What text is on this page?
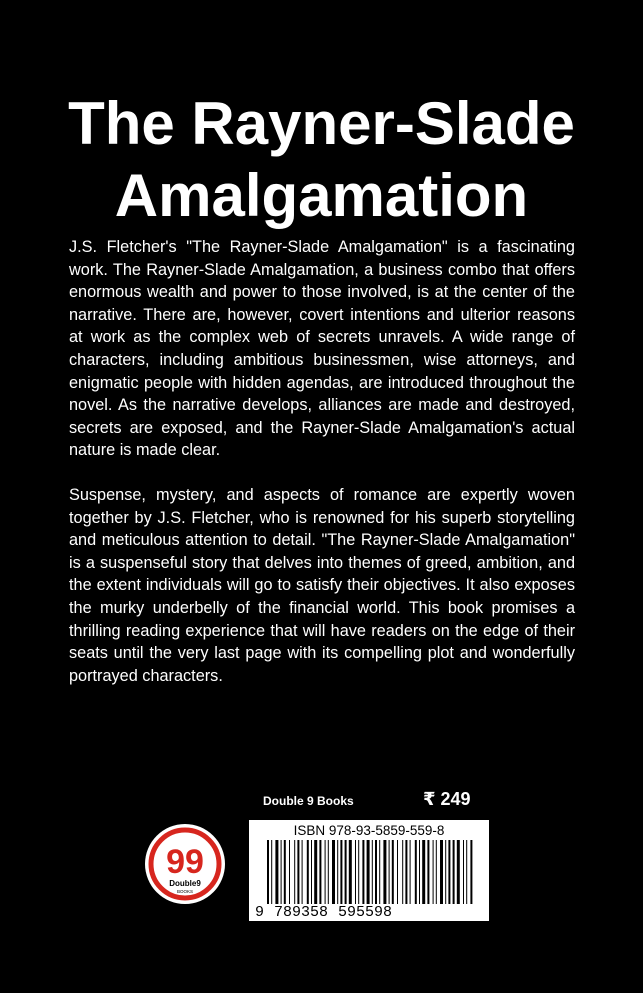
The Rayner-Slade
Amalgamation

J.S. Fletcher's "The Rayner-Slade Amalgamation" is a fascinating work. The Rayner-Slade Amalgamation, a business combo that offers enormous wealth and power to those involved, is at the center of the narrative. There are, however, covert intentions and ulterior reasons at work as the complex web of secrets unravels. A wide range of characters, including ambitious businessmen, wise attorneys, and enigmatic people with hidden agendas, are introduced throughout the novel. As the narrative develops, alliances are made and destroyed, secrets are exposed, and the Rayner-Slade Amalgamation's actual nature is made clear.

Suspense, mystery, and aspects of romance are expertly woven together by J.S. Fletcher, who is renowned for his superb storytelling and meticulous attention to detail. "The Rayner-Slade Amalgamation" is a suspenseful story that delves into themes of greed, ambition, and the extent individuals will go to satisfy their objectives. It also exposes the murky underbelly of the financial world. This book promises a thrilling reading experience that will have readers on the edge of their seats until the very last page with its compelling plot and wonderfully portrayed characters.

Double 9 Books	₹ 249
99
Double9
BOOKS
ISBN 978-93-5859-559-8
9 789358 595598
